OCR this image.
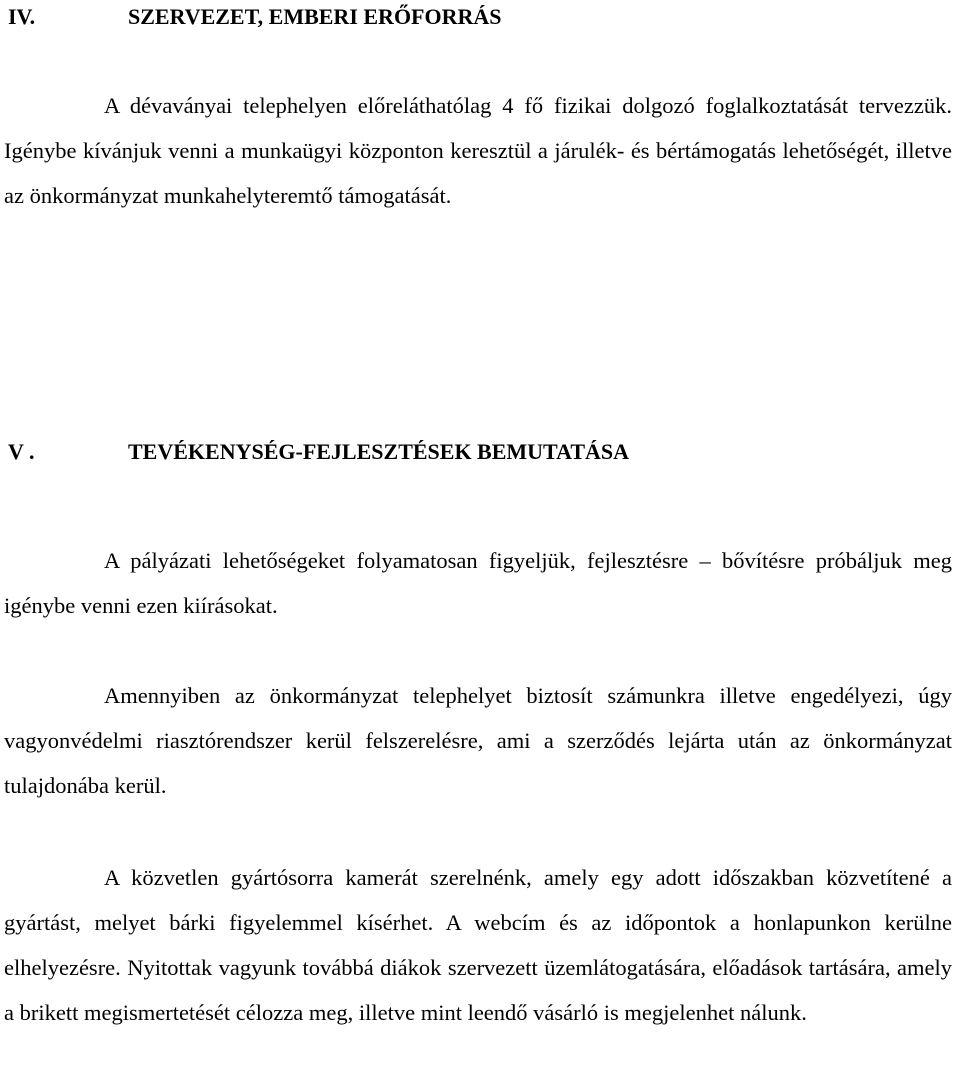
IV.	SZERVEZET, EMBERI ERŐFORRÁS

A dévaványai telephelyen előreláthatólag 4 fő fizikai dolgozó foglalkoztatását tervezzük. Igénybe kívánjuk venni a munkaügyi központon keresztül a járulék- és bértámogatás lehetőségét, illetve az önkormányzat munkahelyteremtő támogatását.

V .	TEVÉKENYSÉG-FEJLESZTÉSEK BEMUTATÁSA

A pályázati lehetőségeket folyamatosan figyeljük, fejlesztésre – bővítésre próbáljuk meg igénybe venni ezen kiírásokat.

Amennyiben az önkormányzat telephelyet biztosít számunkra illetve engedélyezi, úgy vagyonvédelmi riasztórendszer kerül felszerelésre, ami a szerződés lejárta után az önkormányzat tulajdonába kerül.

A közvetlen gyártósorra kamerát szerelnénk, amely egy adott időszakban közvetítené a gyártást, melyet bárki figyelemmel kísérhet. A webcím és az időpontok a honlapunkon kerülne elhelyezésre. Nyitottak vagyunk továbbá diákok szervezett üzemlátogatására, előadások tartására, amely a brikett megismertetését célozza meg, illetve mint leendő vásárló is megjelenhet nálunk.
